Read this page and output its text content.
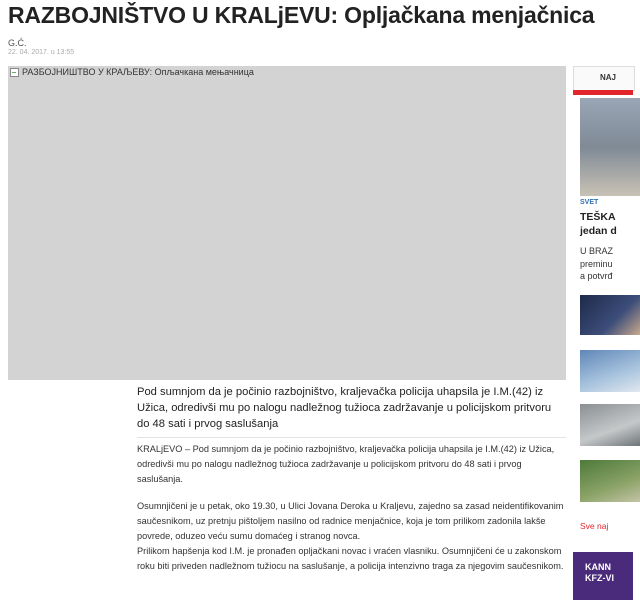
RAZBOJNIŠTVO U KRALjEVU: Opljačkana menjačnica
G.Ć.
22. 04. 2017. u 13:55
РАЗБОЈНИШТВО У КРАЉЕВУ: Опљачкана мењачница
Pod sumnjom da je počinio razbojništvo, kraljevačka policija uhapsila je I.M.(42) iz Užica, odredivši mu po nalogu nadležnog tužioca zadržavanje u policijskom pritvoru do 48 sati i prvog saslušanja
KRALjEVO – Pod sumnjom da je počinio razbojništvo, kraljevačka policija uhapsila je I.M.(42) iz Užica, odredivši mu po nalogu nadležnog tužioca zadržavanje u policijskom pritvoru do 48 sati i prvog saslušanja.
Osumnjičeni je u petak, oko 19.30, u Ulici Jovana Deroka u Kraljevu, zajedno sa zasad neidentifikovanim saučesnikom, uz pretnju pištoljem nasilno od radnice menjačnice, koja je tom prilikom zadonila lakše povrede, oduzeo veću sumu domaćeg i stranog novca.
Prilikom hapšenja kod I.M. je pronađen opljačkani novac i vraćen vlasniku. Osumnjičeni će u zakonskom roku biti priveden nadležnom tužiocu na saslušanje, a policija intenzivno traga za njegovim saučesnikom.
NAJ
SVET
TEŠKA
jedan d
U BRAZ
preminu
a potvrđ
Sve naj
KANN
KFZ-VI
